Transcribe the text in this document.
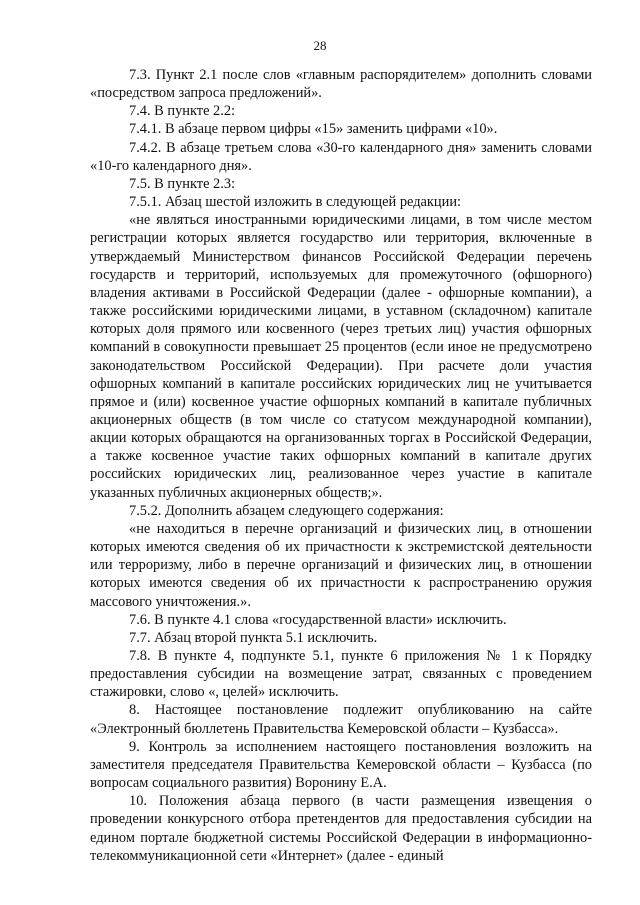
28

7.3. Пункт 2.1 после слов «главным распорядителем» дополнить словами «посредством запроса предложений».

7.4. В пункте 2.2:

7.4.1. В абзаце первом цифры «15» заменить цифрами «10».

7.4.2. В абзаце третьем слова «30-го календарного дня» заменить словами «10-го календарного дня».

7.5. В пункте 2.3:

7.5.1. Абзац шестой изложить в следующей редакции:

«не являться иностранными юридическими лицами, в том числе местом регистрации которых является государство или территория, включенные в утверждаемый Министерством финансов Российской Федерации перечень государств и территорий, используемых для промежуточного (офшорного) владения активами в Российской Федерации (далее - офшорные компании), а также российскими юридическими лицами, в уставном (складочном) капитале которых доля прямого или косвенного (через третьих лиц) участия офшорных компаний в совокупности превышает 25 процентов (если иное не предусмотрено законодательством Российской Федерации). При расчете доли участия офшорных компаний в капитале российских юридических лиц не учитывается прямое и (или) косвенное участие офшорных компаний в капитале публичных акционерных обществ (в том числе со статусом международной компании), акции которых обращаются на организованных торгах в Российской Федерации, а также косвенное участие таких офшорных компаний в капитале других российских юридических лиц, реализованное через участие в капитале указанных публичных акционерных обществ;».

7.5.2. Дополнить абзацем следующего содержания:

«не находиться в перечне организаций и физических лиц, в отношении которых имеются сведения об их причастности к экстремистской деятельности или терроризму, либо в перечне организаций и физических лиц, в отношении которых имеются сведения об их причастности к распространению оружия массового уничтожения.».

7.6. В пункте 4.1 слова «государственной власти» исключить.

7.7. Абзац второй пункта 5.1 исключить.

7.8. В пункте 4, подпункте 5.1, пункте 6 приложения № 1 к Порядку предоставления субсидии на возмещение затрат, связанных с проведением стажировки, слово «, целей» исключить.

8. Настоящее постановление подлежит опубликованию на сайте «Электронный бюллетень Правительства Кемеровской области – Кузбасса».

9. Контроль за исполнением настоящего постановления возложить на заместителя председателя Правительства Кемеровской области – Кузбасса (по вопросам социального развития) Воронину Е.А.

10. Положения абзаца первого (в части размещения извещения о проведении конкурсного отбора претендентов для предоставления субсидии на едином портале бюджетной системы Российской Федерации в информационно-телекоммуникационной сети «Интернет» (далее - единый
